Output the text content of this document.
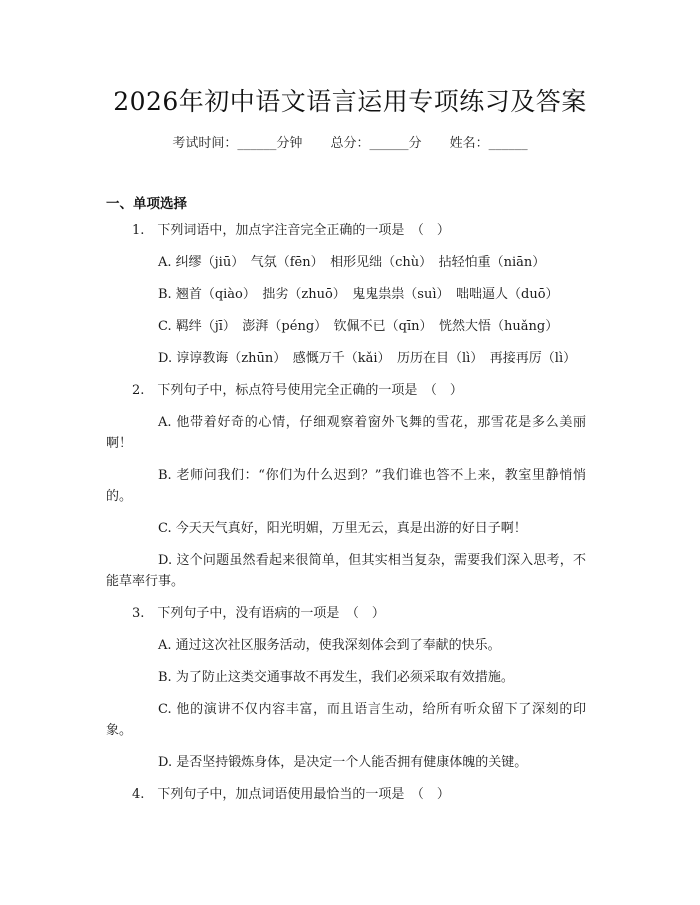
2026年初中语文语言运用专项练习及答案
考试时间：______分钟 总分：______分 姓名：______
一、单项选择
1.　下列词语中，加点字注音完全正确的一项是　（　）
A. 纠缪（jiū）　气氛（fēn）　相形见绌（chù）　拈轻怕重（niān）
B. 翘首（qiào）　拙劣（zhuō）　鬼鬼祟祟（suì）　咄咄逼人（duō）
C. 羁绊（jī）　澎湃（péng）　钦佩不已（qīn）　恍然大悟（huǎng）
D. 谆谆教诲（zhūn）　感慨万千（kǎi）　历历在目（lì）　再接再厉（lì）
2.　下列句子中，标点符号使用完全正确的一项是　（　）
A. 他带着好奇的心情，仔细观察着窗外飞舞的雪花，那雪花是多么美丽啊！
B. 老师问我们：“你们为什么迟到？”我们谁也答不上来，教室里静悄悄的。
C. 今天天气真好，阳光明媚，万里无云，真是出游的好日子啊！
D. 这个问题虽然看起来很简单，但其实相当复杂，需要我们深入思考，不能草率行事。
3.　下列句子中，没有语病的一项是　（　）
A. 通过这次社区服务活动，使我深刻体会到了奉献的快乐。
B. 为了防止这类交通事故不再发生，我们必须采取有效措施。
C. 他的演讲不仅内容丰富，而且语言生动，给所有听众留下了深刻的印象。
D. 是否坚持锻炼身体，是决定一个人能否拥有健康体魄的关键。
4.　下列句子中，加点词语使用最恰当的一项是　（　）
